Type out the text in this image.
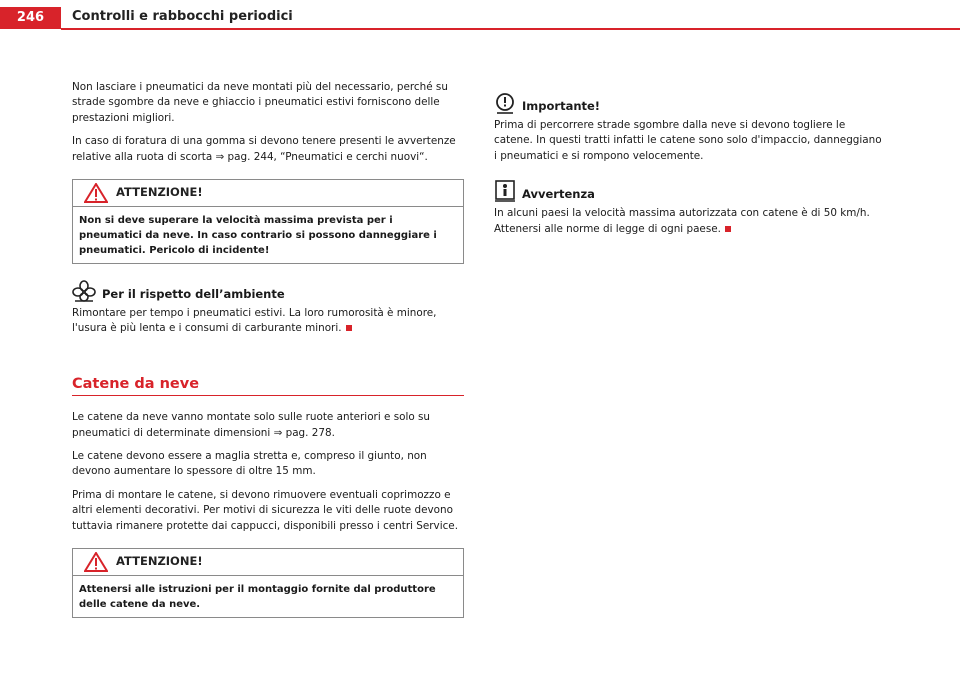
246	Controlli e rabbocchi periodici

Non lasciare i pneumatici da neve montati più del necessario, perché su strade sgombre da neve e ghiaccio i pneumatici estivi forniscono delle prestazioni migliori.

In caso di foratura di una gomma si devono tenere presenti le avvertenze relative alla ruota di scorta ⇒ pag. 244, “Pneumatici e cerchi nuovi“.

ATTENZIONE!
Non si deve superare la velocità massima prevista per i pneumatici da neve. In caso contrario si possono danneggiare i pneumatici. Pericolo di incidente!
Per il rispetto dell’ambiente

Rimontare per tempo i pneumatici estivi. La loro rumorosità è minore, l'usura è più lenta e i consumi di carburante minori.

Catene da neve

Le catene da neve vanno montate solo sulle ruote anteriori e solo su pneumatici di determinate dimensioni ⇒ pag. 278.

Le catene devono essere a maglia stretta e, compreso il giunto, non devono aumentare lo spessore di oltre 15 mm.

Prima di montare le catene, si devono rimuovere eventuali coprimozzo e altri elementi decorativi. Per motivi di sicurezza le viti delle ruote devono tuttavia rimanere protette dai cappucci, disponibili presso i centri Service.

ATTENZIONE!
Attenersi alle istruzioni per il montaggio fornite dal produttore delle catene da neve.
Importante!

Prima di percorrere strade sgombre dalla neve si devono togliere le catene. In questi tratti infatti le catene sono solo d'impaccio, danneggiano i pneumatici e si rompono velocemente.

Avvertenza

In alcuni paesi la velocità massima autorizzata con catene è di 50 km/h. Attenersi alle norme di legge di ogni paese.
